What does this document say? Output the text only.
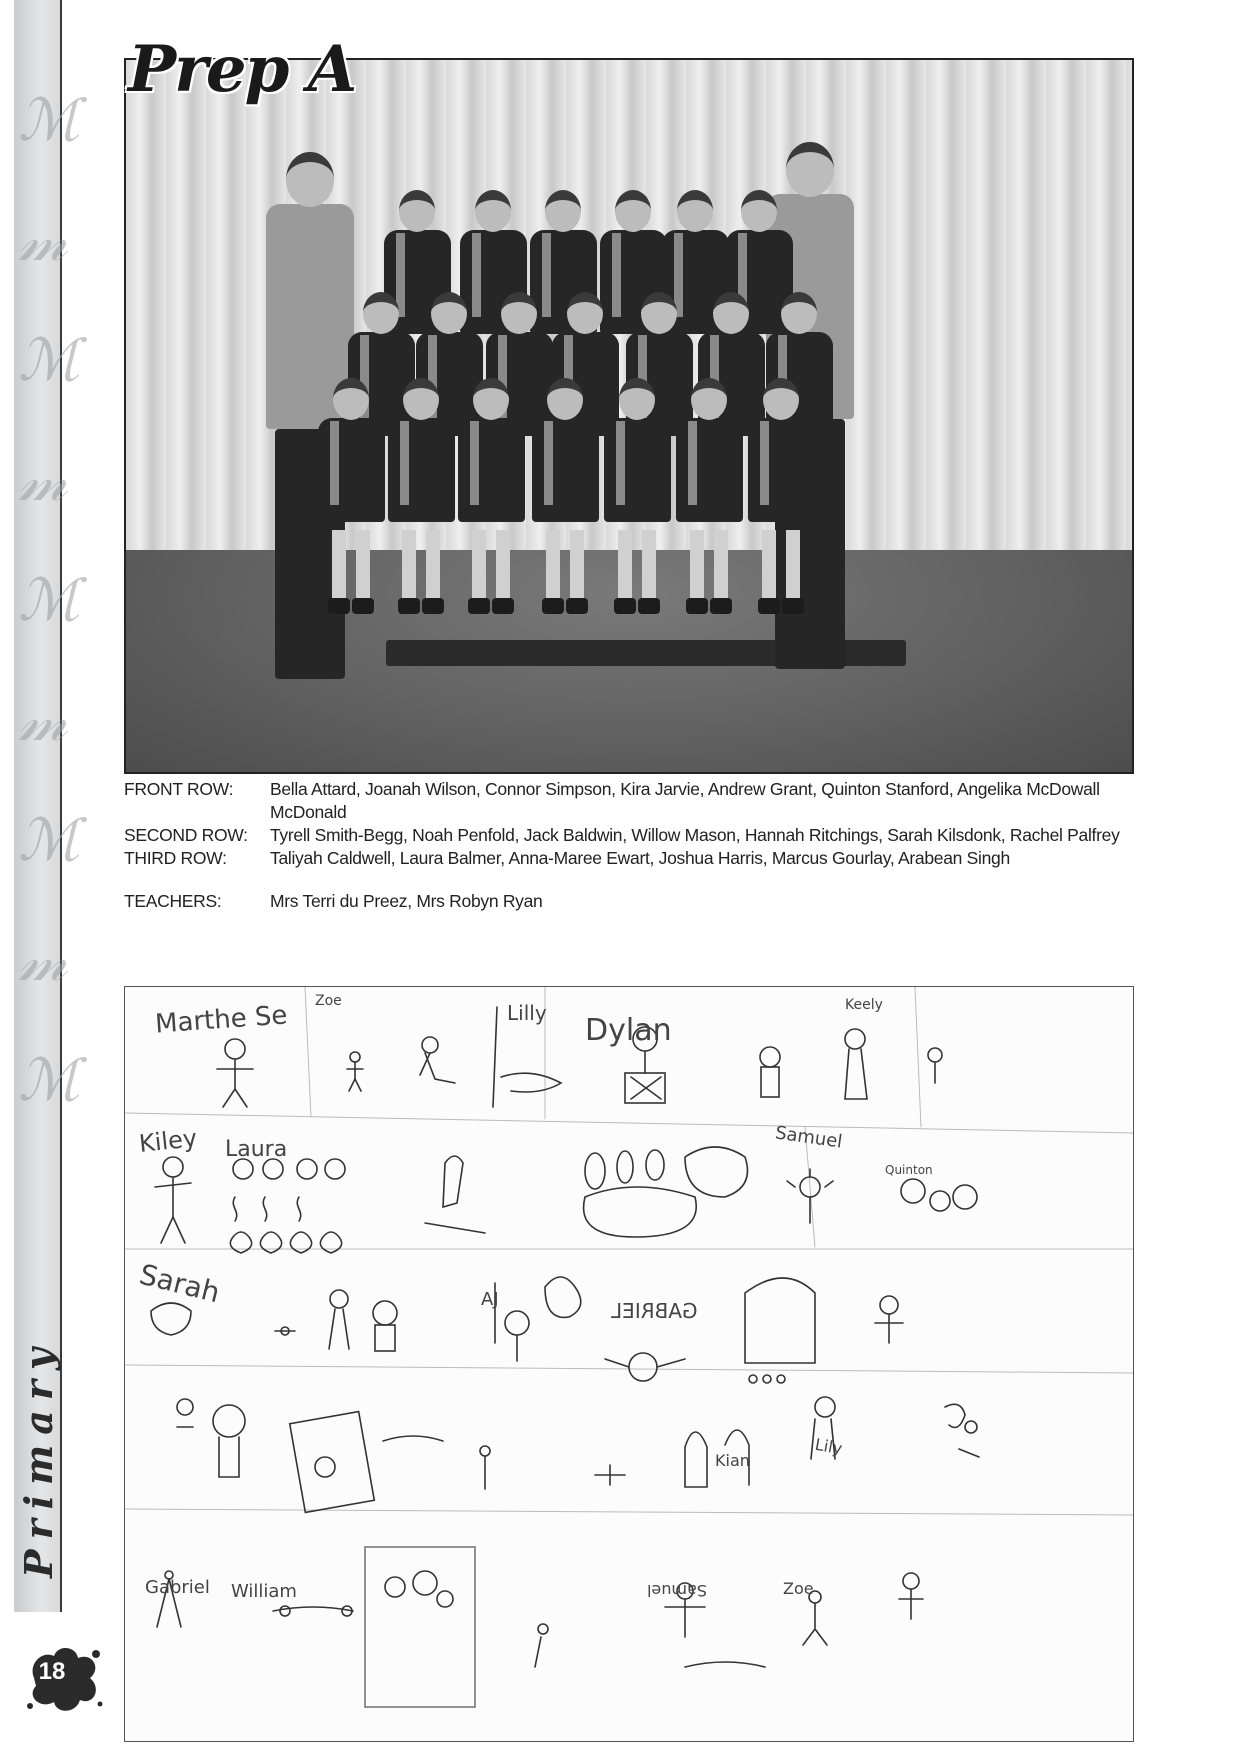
ℳ
𝓂
ℳ
𝓂
ℳ
𝓂
ℳ
𝓂
ℳ
Primary
18
Prep A
FRONT ROW:	Bella Attard, Joanah Wilson, Connor Simpson, Kira Jarvie, Andrew Grant, Quinton Stanford, Angelika McDowall McDonald
SECOND ROW:	Tyrell Smith-Begg, Noah Penfold, Jack Baldwin, Willow Mason, Hannah Ritchings, Sarah Kilsdonk, Rachel Palfrey
THIRD ROW:	Taliyah Caldwell, Laura Balmer, Anna-Maree Ewart, Joshua Harris, Marcus Gourlay, Arabean Singh
TEACHERS:	Mrs Terri du Preez, Mrs Robyn Ryan
Marthe Se Zoe	Lilly Dylan
Keely
Kiley Laura	Samuel
Quinton
Sarah	AJ	GABRIEL
Gabriel William	Samuel	Zoe
Lily
Kian
